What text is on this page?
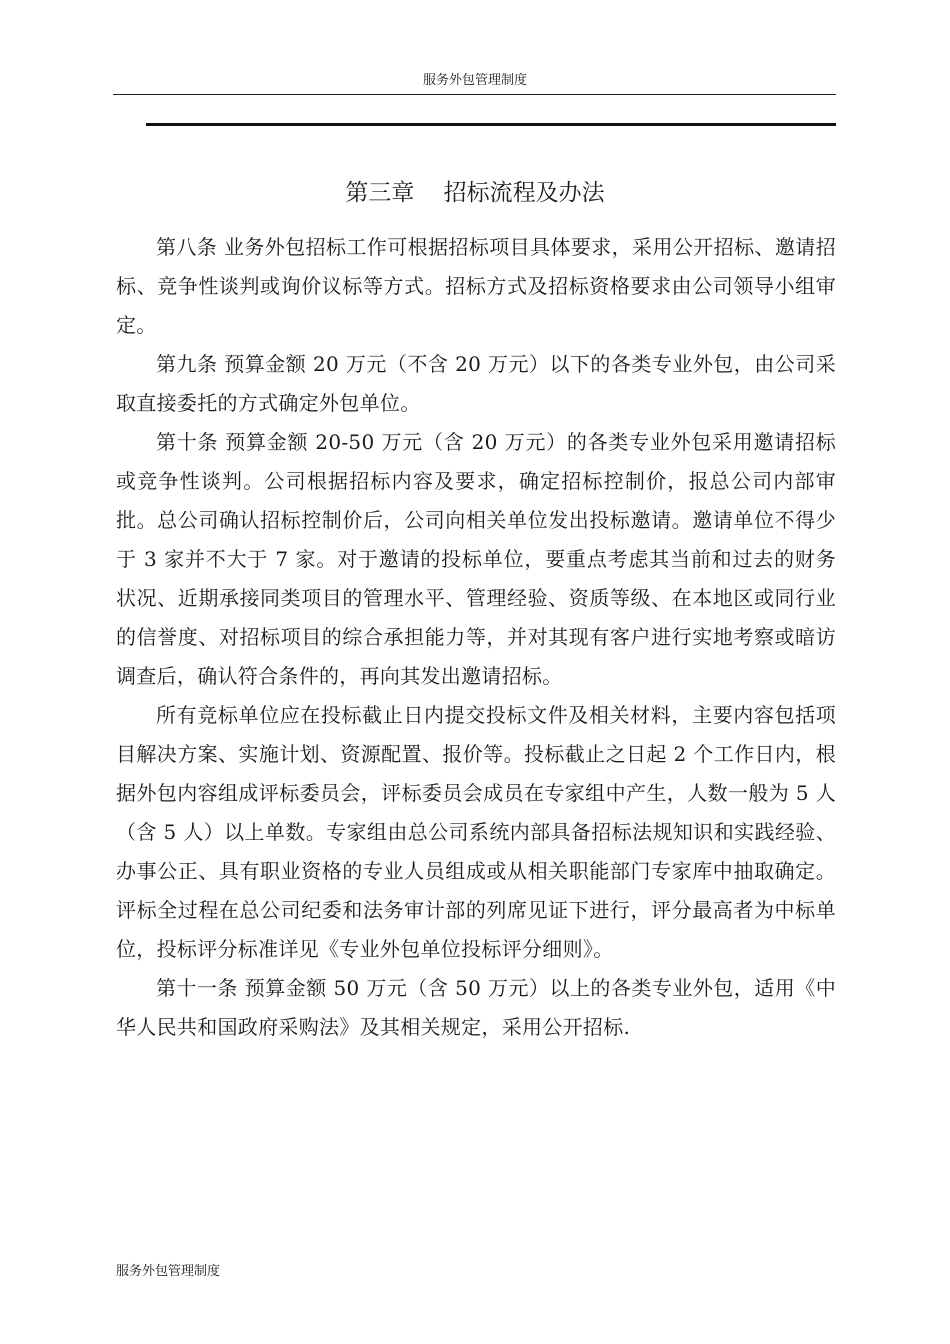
服务外包管理制度
第三章    招标流程及办法

第八条 业务外包招标工作可根据招标项目具体要求，采用公开招标、邀请招标、竞争性谈判或询价议标等方式。招标方式及招标资格要求由公司领导小组审定。

第九条 预算金额 20 万元（不含 20 万元）以下的各类专业外包，由公司采取直接委托的方式确定外包单位。

第十条 预算金额 20-50 万元（含 20 万元）的各类专业外包采用邀请招标或竞争性谈判。公司根据招标内容及要求，确定招标控制价，报总公司内部审批。总公司确认招标控制价后，公司向相关单位发出投标邀请。邀请单位不得少于 3 家并不大于 7 家。对于邀请的投标单位，要重点考虑其当前和过去的财务状况、近期承接同类项目的管理水平、管理经验、资质等级、在本地区或同行业的信誉度、对招标项目的综合承担能力等，并对其现有客户进行实地考察或暗访调查后，确认符合条件的，再向其发出邀请招标。

所有竞标单位应在投标截止日内提交投标文件及相关材料，主要内容包括项目解决方案、实施计划、资源配置、报价等。投标截止之日起 2 个工作日内，根据外包内容组成评标委员会，评标委员会成员在专家组中产生，人数一般为 5 人（含 5 人）以上单数。专家组由总公司系统内部具备招标法规知识和实践经验、办事公正、具有职业资格的专业人员组成或从相关职能部门专家库中抽取确定。评标全过程在总公司纪委和法务审计部的列席见证下进行，评分最高者为中标单位，投标评分标准详见《专业外包单位投标评分细则》。

第十一条 预算金额 50 万元（含 50 万元）以上的各类专业外包，适用《中华人民共和国政府采购法》及其相关规定，采用公开招标.

服务外包管理制度
